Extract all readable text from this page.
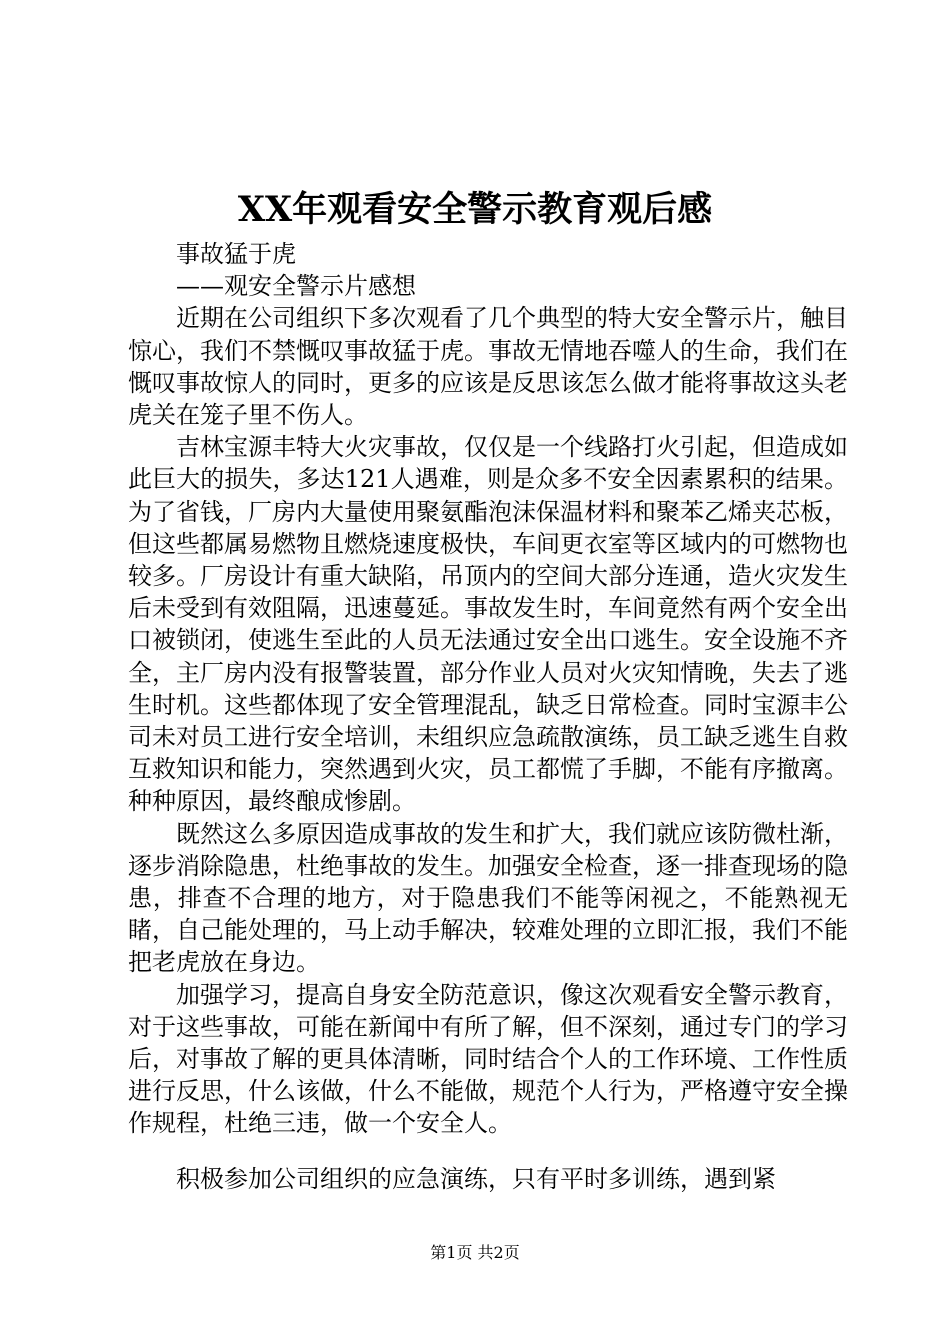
XX年观看安全警示教育观后感

事故猛于虎

——观安全警示片感想

近期在公司组织下多次观看了几个典型的特大安全警示片，触目惊心，我们不禁慨叹事故猛于虎。事故无情地吞噬人的生命，我们在慨叹事故惊人的同时，更多的应该是反思该怎么做才能将事故这头老虎关在笼子里不伤人。

吉林宝源丰特大火灾事故，仅仅是一个线路打火引起，但造成如此巨大的损失，多达121人遇难，则是众多不安全因素累积的结果。为了省钱，厂房内大量使用聚氨酯泡沫保温材料和聚苯乙烯夹芯板，但这些都属易燃物且燃烧速度极快，车间更衣室等区域内的可燃物也较多。厂房设计有重大缺陷，吊顶内的空间大部分连通，造火灾发生后未受到有效阻隔，迅速蔓延。事故发生时，车间竟然有两个安全出口被锁闭，使逃生至此的人员无法通过安全出口逃生。安全设施不齐全，主厂房内没有报警装置，部分作业人员对火灾知情晚，失去了逃生时机。这些都体现了安全管理混乱，缺乏日常检查。同时宝源丰公司未对员工进行安全培训，未组织应急疏散演练，员工缺乏逃生自救互救知识和能力，突然遇到火灾，员工都慌了手脚，不能有序撤离。种种原因，最终酿成惨剧。

既然这么多原因造成事故的发生和扩大，我们就应该防微杜渐，逐步消除隐患，杜绝事故的发生。加强安全检查，逐一排查现场的隐患，排查不合理的地方，对于隐患我们不能等闲视之，不能熟视无睹，自己能处理的，马上动手解决，较难处理的立即汇报，我们不能把老虎放在身边。

加强学习，提高自身安全防范意识，像这次观看安全警示教育，对于这些事故，可能在新闻中有所了解，但不深刻，通过专门的学习后，对事故了解的更具体清晰，同时结合个人的工作环境、工作性质进行反思，什么该做，什么不能做，规范个人行为，严格遵守安全操作规程，杜绝三违，做一个安全人。

积极参加公司组织的应急演练，只有平时多训练，遇到紧

第1页 共2页
